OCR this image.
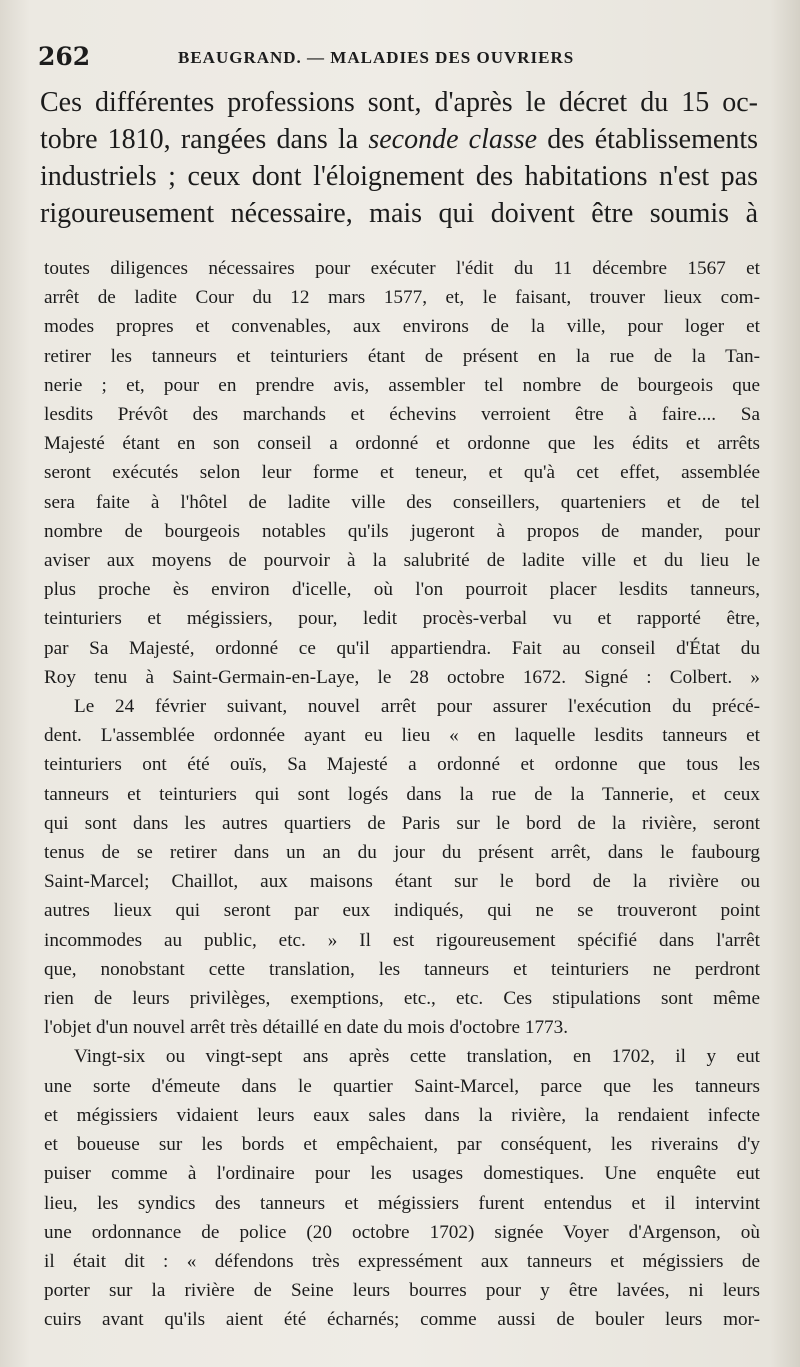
262	BEAUGRAND. — MALADIES DES OUVRIERS
Ces différentes professions sont, d'après le décret du 15 oc-
tobre 1810, rangées dans la seconde classe des établissements
industriels ; ceux dont l'éloignement des habitations n'est pas
rigoureusement nécessaire, mais qui doivent être soumis à
toutes diligences nécessaires pour exécuter l'édit du 11 décembre 1567 et
arrêt de ladite Cour du 12 mars 1577, et, le faisant, trouver lieux com-
modes propres et convenables, aux environs de la ville, pour loger et
retirer les tanneurs et teinturiers étant de présent en la rue de la Tan-
nerie ; et, pour en prendre avis, assembler tel nombre de bourgeois que
lesdits Prévôt des marchands et échevins verroient être à faire.... Sa
Majesté étant en son conseil a ordonné et ordonne que les édits et arrêts
seront exécutés selon leur forme et teneur, et qu'à cet effet, assemblée
sera faite à l'hôtel de ladite ville des conseillers, quarteniers et de tel
nombre de bourgeois notables qu'ils jugeront à propos de mander, pour
aviser aux moyens de pourvoir à la salubrité de ladite ville et du lieu le
plus proche ès environ d'icelle, où l'on pourroit placer lesdits tanneurs,
teinturiers et mégissiers, pour, ledit procès-verbal vu et rapporté être,
par Sa Majesté, ordonné ce qu'il appartiendra. Fait au conseil d'État du
Roy tenu à Saint-Germain-en-Laye, le 28 octobre 1672. Signé : Colbert. »
Le 24 février suivant, nouvel arrêt pour assurer l'exécution du précé-
dent. L'assemblée ordonnée ayant eu lieu « en laquelle lesdits tanneurs et
teinturiers ont été ouïs, Sa Majesté a ordonné et ordonne que tous les
tanneurs et teinturiers qui sont logés dans la rue de la Tannerie, et ceux
qui sont dans les autres quartiers de Paris sur le bord de la rivière, seront
tenus de se retirer dans un an du jour du présent arrêt, dans le faubourg
Saint-Marcel; Chaillot, aux maisons étant sur le bord de la rivière ou
autres lieux qui seront par eux indiqués, qui ne se trouveront point
incommodes au public, etc. » Il est rigoureusement spécifié dans l'arrêt
que, nonobstant cette translation, les tanneurs et teinturiers ne perdront
rien de leurs privilèges, exemptions, etc., etc. Ces stipulations sont même
l'objet d'un nouvel arrêt très détaillé en date du mois d'octobre 1773.
Vingt-six ou vingt-sept ans après cette translation, en 1702, il y eut
une sorte d'émeute dans le quartier Saint-Marcel, parce que les tanneurs
et mégissiers vidaient leurs eaux sales dans la rivière, la rendaient infecte
et boueuse sur les bords et empêchaient, par conséquent, les riverains d'y
puiser comme à l'ordinaire pour les usages domestiques. Une enquête eut
lieu, les syndics des tanneurs et mégissiers furent entendus et il intervint
une ordonnance de police (20 octobre 1702) signée Voyer d'Argenson, où
il était dit : « défendons très expressément aux tanneurs et mégissiers de
porter sur la rivière de Seine leurs bourres pour y être lavées, ni leurs
cuirs avant qu'ils aient été écharnés; comme aussi de bouler leurs mor-
